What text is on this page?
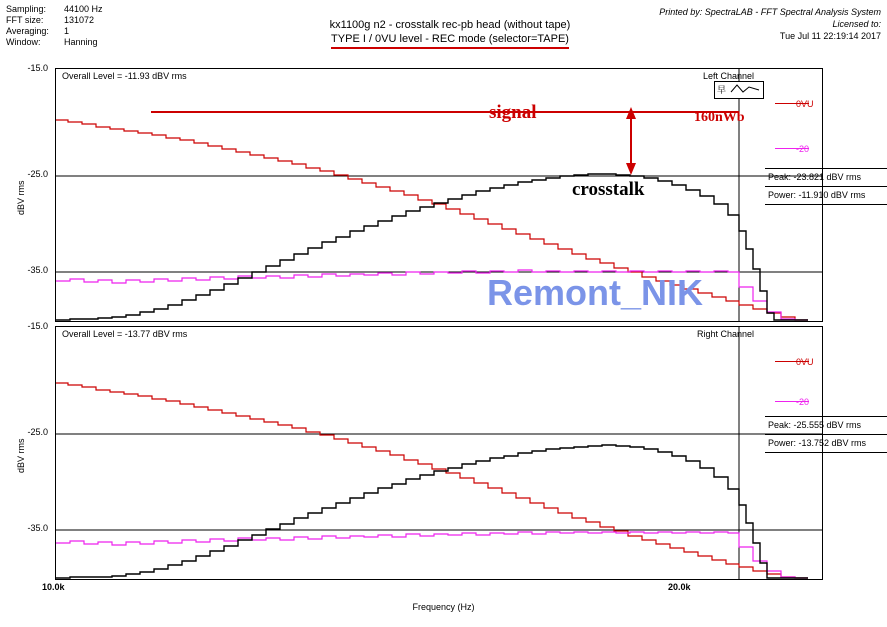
Sampling:	44100 Hz
FFT size:	131072
Averaging:	1
Window:	Hanning
kx1100g n2 - crosstalk rec-pb head (without tape)
TYPE I / 0VU level - REC mode (selector=TAPE)
Printed by: SpectraLAB - FFT Spectral Analysis System
Licensed to:
Tue Jul 11 22:19:14 2017
早
Overall Level = -11.93 dBV rms	Left Channel
-15.0
-25.0
-35.0
dBV rms
0VU
-20
Peak: -23.821 dBV rms
Power: -11.910 dBV rms
Overall Level = -13.77 dBV rms	Right Channel
-15.0
-25.0
-35.0
dBV rms
0VU
-20
Peak: -25.555 dBV rms
Power: -13.752 dBV rms
10.0k	20.0k
Frequency (Hz)
signal	160nWb
crosstalk
Remont_NIK
